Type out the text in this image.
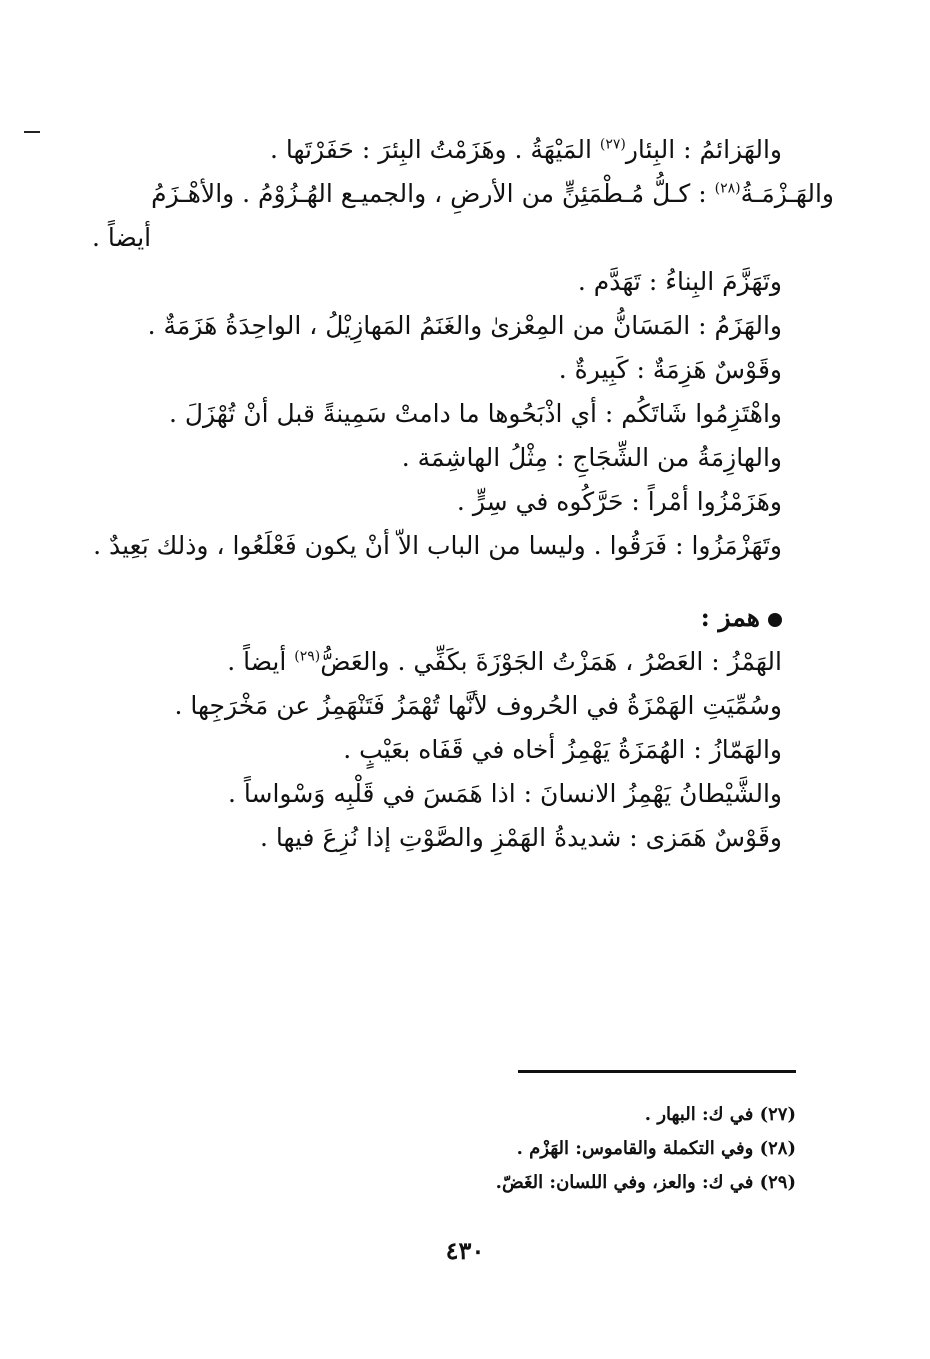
والهَزائمُ : البِئار$^{(٢٧)}$ المَيْهَةُ . وهَزَمْتُ البِئرَ : حَفَرْتَها .
والهَـزْمَـةُ$^{(٢٨)}$ : كـلُّ مُـطْمَئِنٍّ من الأرضِ ، والجميـع الهُـزُوْمُ . والأهْـزَمُ
أيضاً .
وتَهَزَّمَ البِناءُ : تَهَدَّم .
والهَزَمُ : المَسَانُّ من المِعْزىٰ والغَنَمُ المَهازِيْلُ ، الواحِدَةُ هَزَمَةٌ .
وقَوْسٌ هَزِمَةٌ : كَبِيرةٌ .
واهْتَزِمُوا شَاتَكُم : أي اذْبَحُوها ما دامتْ سَمِينةً قبل أنْ تُهْزَلَ .
والهازِمَةُ من الشِّجَاجِ : مِثْلُ الهاشِمَة .
وهَزَمْزُوا أمْراً : حَرَّكُوه في سِرٍّ .
وتَهَزْمَزُوا : فَرَقُوا . وليسا من الباب الاّ أنْ يكون فَعْلَعُوا ، وذلك بَعِيدٌ .
همز :
الهَمْزُ : العَصْرُ ، هَمَزْتُ الجَوْزَةَ بكَفِّي . والعَضُّ$^{(٢٩)}$ أيضاً .
وسُمِّيَتِ الهَمْزَةُ في الحُروف لأنَّها تُهْمَزُ فَتَنْهَمِزُ عن مَخْرَجِها .
والهَمّازُ : الهُمَزَةُ يَهْمِزُ أخاه في قَفَاه بعَيْبٍ .
والشَّيْطانُ يَهْمِزُ الانسانَ : اذا هَمَسَ في قَلْبِه وَسْواساً .
وقَوْسٌ هَمَزى : شديدةُ الهَمْزِ والصَّوْتِ إذا نُزِعَ فيها .
(٢٧) في ك: البهار .
(٢٨) وفي التكملة والقاموس: الهَزْم .
(٢٩) في ك: والعز، وفي اللسان: الغَضّ.
٤٣٠
